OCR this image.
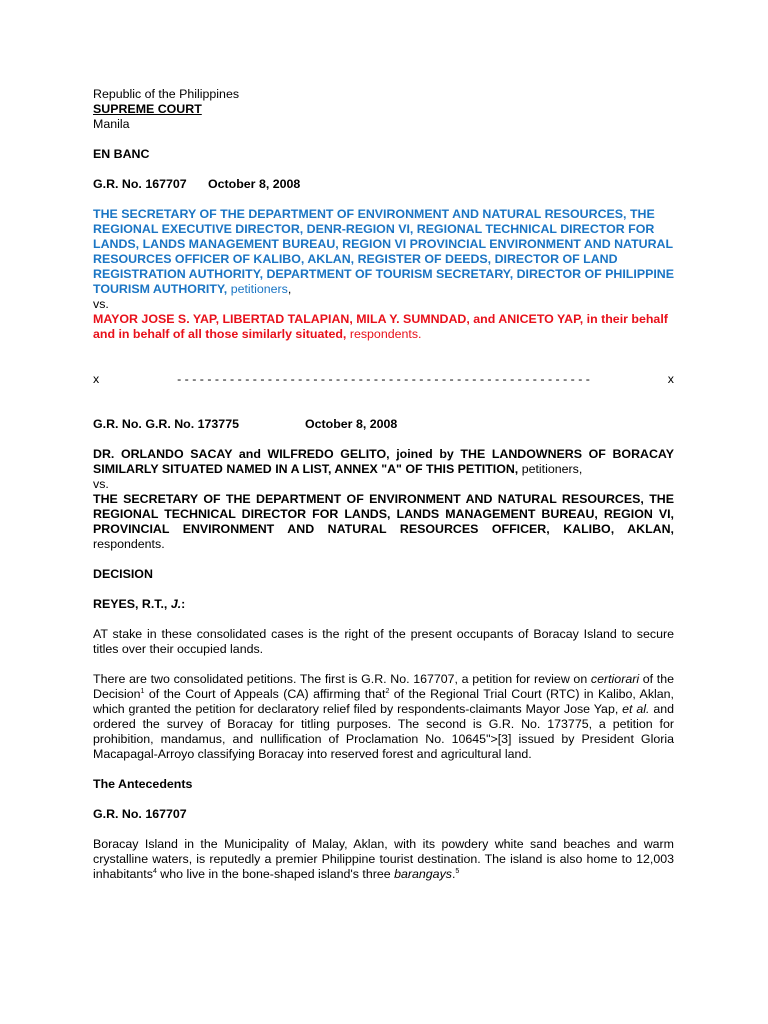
Republic of the Philippines
SUPREME COURT
Manila
EN BANC
G.R. No. 167707	October 8, 2008
THE SECRETARY OF THE DEPARTMENT OF ENVIRONMENT AND NATURAL RESOURCES, THE REGIONAL EXECUTIVE DIRECTOR, DENR-REGION VI, REGIONAL TECHNICAL DIRECTOR FOR LANDS, LANDS MANAGEMENT BUREAU, REGION VI PROVINCIAL ENVIRONMENT AND NATURAL RESOURCES OFFICER OF KALIBO, AKLAN, REGISTER OF DEEDS, DIRECTOR OF LAND REGISTRATION AUTHORITY, DEPARTMENT OF TOURISM SECRETARY, DIRECTOR OF PHILIPPINE TOURISM AUTHORITY, petitioners,
vs.
MAYOR JOSE S. YAP, LIBERTAD TALAPIAN, MILA Y. SUMNDAD, and ANICETO YAP, in their behalf and in behalf of all those similarly situated, respondents.
x	- - - - - - - - - - - - - - - - - - - - - - - - - - - - - - - - - - - - - - - - - - - - - - - - - - - - - - -	x
G.R. No. G.R. No. 173775	October 8, 2008
DR. ORLANDO SACAY and WILFREDO GELITO, joined by THE LANDOWNERS OF BORACAY SIMILARLY SITUATED NAMED IN A LIST, ANNEX "A" OF THIS PETITION, petitioners,
vs.
THE SECRETARY OF THE DEPARTMENT OF ENVIRONMENT AND NATURAL RESOURCES, THE REGIONAL TECHNICAL DIRECTOR FOR LANDS, LANDS MANAGEMENT BUREAU, REGION VI, PROVINCIAL ENVIRONMENT AND NATURAL RESOURCES OFFICER, KALIBO, AKLAN, respondents.
DECISION
REYES, R.T., J.:

AT stake in these consolidated cases is the right of the present occupants of Boracay Island to secure titles over their occupied lands.

There are two consolidated petitions. The first is G.R. No. 167707, a petition for review on certiorari of the Decision$^1$ of the Court of Appeals (CA) affirming that$^2$ of the Regional Trial Court (RTC) in Kalibo, Aklan, which granted the petition for declaratory relief filed by respondents-claimants Mayor Jose Yap, et al. and ordered the survey of Boracay for titling purposes. The second is G.R. No. 173775, a petition for prohibition, mandamus, and nullification of Proclamation No. 10645">[3] issued by President Gloria Macapagal-Arroyo classifying Boracay into reserved forest and agricultural land.

The Antecedents
G.R. No. 167707

Boracay Island in the Municipality of Malay, Aklan, with its powdery white sand beaches and warm crystalline waters, is reputedly a premier Philippine tourist destination. The island is also home to 12,003 inhabitants$^4$ who live in the bone-shaped island's three barangays.$^5$
